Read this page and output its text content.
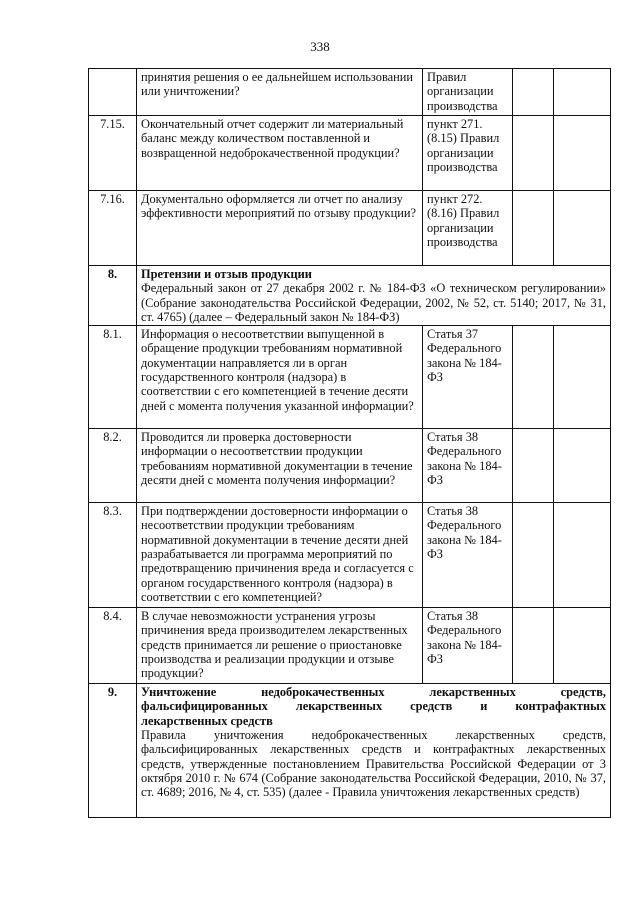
338
	принятия решения о ее дальнейшем использовании или уничтожении?	Правил организации производства		
7.15.	Окончательный отчет содержит ли материальный баланс между количеством поставленной и возвращенной недоброкачественной продукции?	пункт 271. (8.15) Правил организации производства		
7.16.	Документально оформляется ли отчет по анализу эффективности мероприятий по отзыву продукции?	пункт 272. (8.16) Правил организации производства		
8.	Претензии и отзыв продукции
Федеральный закон от 27 декабря 2002 г. № 184-ФЗ «О техническом регулировании» (Собрание законодательства Российской Федерации, 2002, № 52, ст. 5140; 2017, № 31, ст. 4765) (далее – Федеральный закон № 184-ФЗ)			

8.1.	Информация о несоответствии выпущенной в обращение продукции требованиям нормативной документации направляется ли в орган государственного контроля (надзора) в соответствии с его компетенцией в течение десяти дней с момента получения указанной информации?	Статья 37 Федерального закона № 184-ФЗ		
8.2.	Проводится ли проверка достоверности информации о несоответствии продукции требованиям нормативной документации в течение десяти дней с момента получения информации?	Статья 38 Федерального закона № 184-ФЗ		
8.3.	При подтверждении достоверности информации о несоответствии продукции требованиям нормативной документации в течение десяти дней разрабатывается ли программа мероприятий по предотвращению причинения вреда и согласуется с органом государственного контроля (надзора) в соответствии с его компетенцией?	Статья 38 Федерального закона № 184-ФЗ		
8.4.	В случае невозможности устранения угрозы причинения вреда производителем лекарственных средств принимается ли решение о приостановке производства и реализации продукции и отзыве продукции?	Статья 38 Федерального закона № 184-ФЗ		
9.	Уничтожение недоброкачественных лекарственных средств,
фальсифицированных лекарственных средств и контрафактных
лекарственных средств
Правила уничтожения недоброкачественных лекарственных средств, фальсифицированных лекарственных средств и контрафактных лекарственных средств, утвержденные постановлением Правительства Российской Федерации от 3 октября 2010 г. № 674 (Собрание законодательства Российской Федерации, 2010, № 37, ст. 4689; 2016, № 4, ст. 535) (далее - Правила уничтожения лекарственных средств)			
